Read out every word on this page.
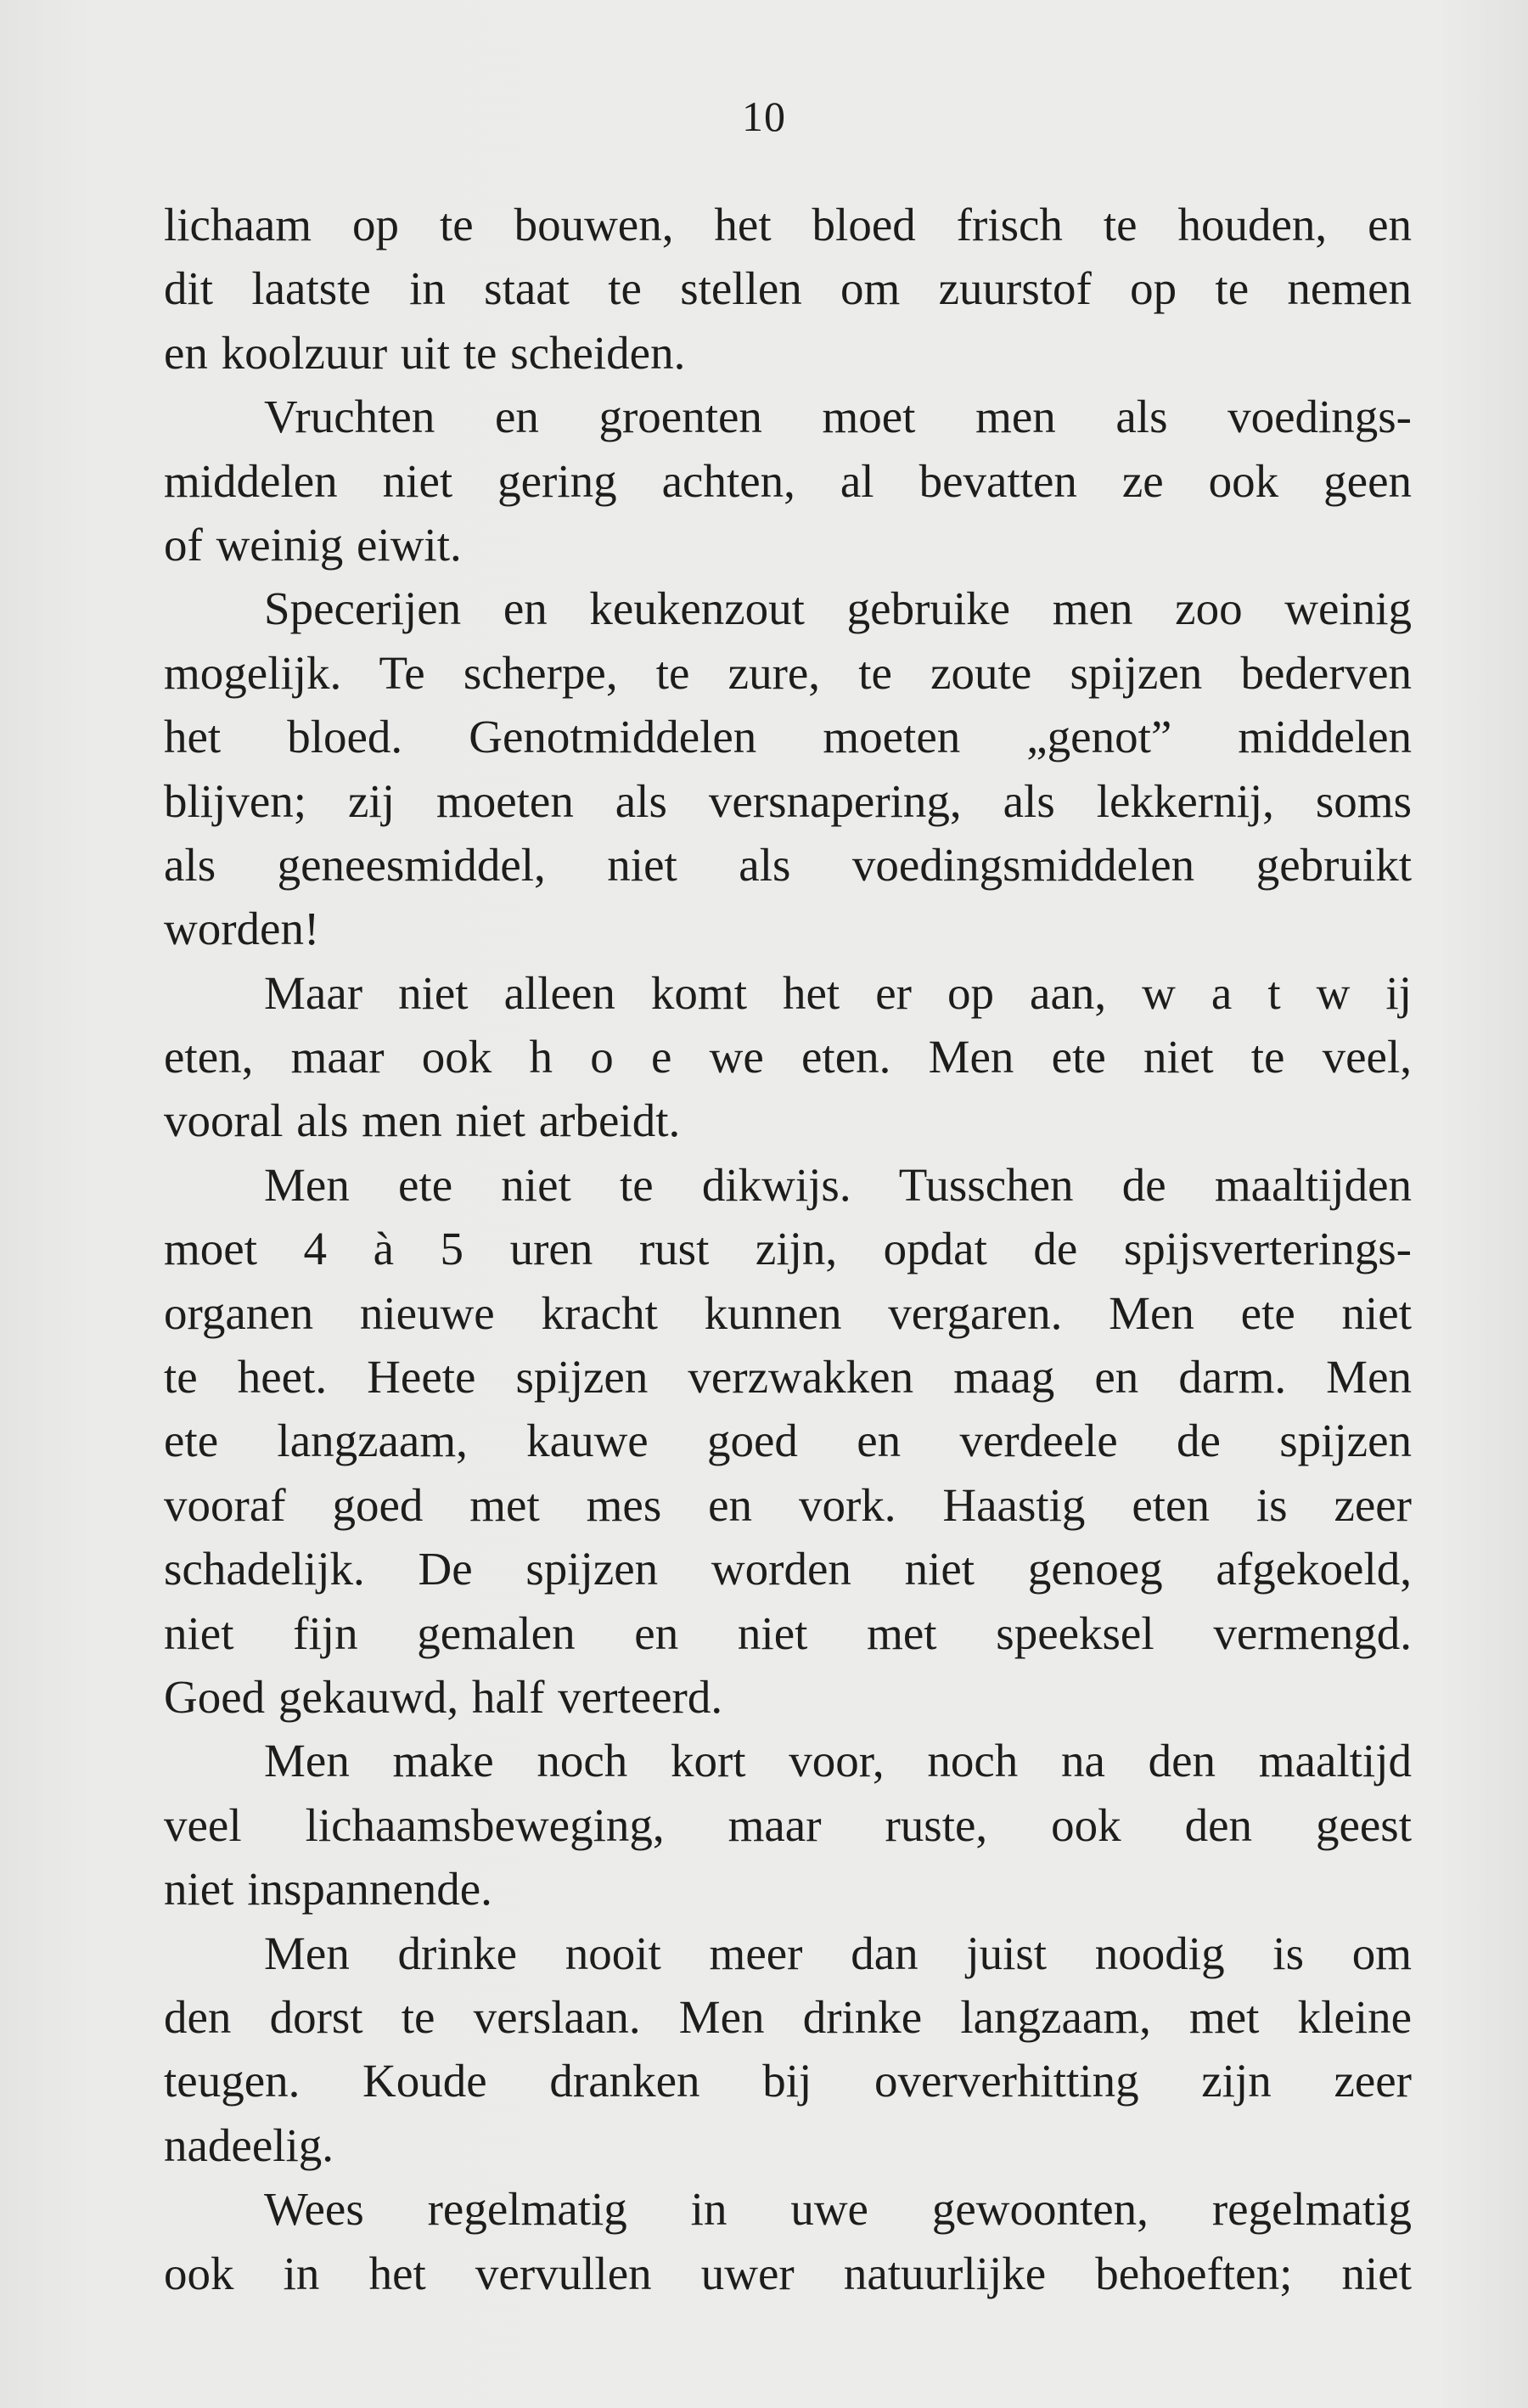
10
lichaam op te bouwen, het bloed frisch te houden, en
dit laatste in staat te stellen om zuurstof op te nemen
en koolzuur uit te scheiden.
Vruchten en groenten moet men als voedings-
middelen niet gering achten, al bevatten ze ook geen
of weinig eiwit.
Specerijen en keukenzout gebruike men zoo weinig
mogelijk. Te scherpe, te zure, te zoute spijzen bederven
het bloed. Genotmiddelen moeten „genot” middelen
blijven; zij moeten als versnapering, als lekkernij, soms
als geneesmiddel, niet als voedingsmiddelen gebruikt
worden!
Maar niet alleen komt het er op aan, w a t w ij
eten, maar ook h o e we eten. Men ete niet te veel,
vooral als men niet arbeidt.
Men ete niet te dikwijs. Tusschen de maaltijden
moet 4 à 5 uren rust zijn, opdat de spijsverterings-
organen nieuwe kracht kunnen vergaren. Men ete niet
te heet. Heete spijzen verzwakken maag en darm. Men
ete langzaam, kauwe goed en verdeele de spijzen
vooraf goed met mes en vork. Haastig eten is zeer
schadelijk. De spijzen worden niet genoeg afgekoeld,
niet fijn gemalen en niet met speeksel vermengd.
Goed gekauwd, half verteerd.
Men make noch kort voor, noch na den maaltijd
veel lichaamsbeweging, maar ruste, ook den geest
niet inspannende.
Men drinke nooit meer dan juist noodig is om
den dorst te verslaan. Men drinke langzaam, met kleine
teugen. Koude dranken bij oververhitting zijn zeer
nadeelig.
Wees regelmatig in uwe gewoonten, regelmatig
ook in het vervullen uwer natuurlijke behoeften; niet
